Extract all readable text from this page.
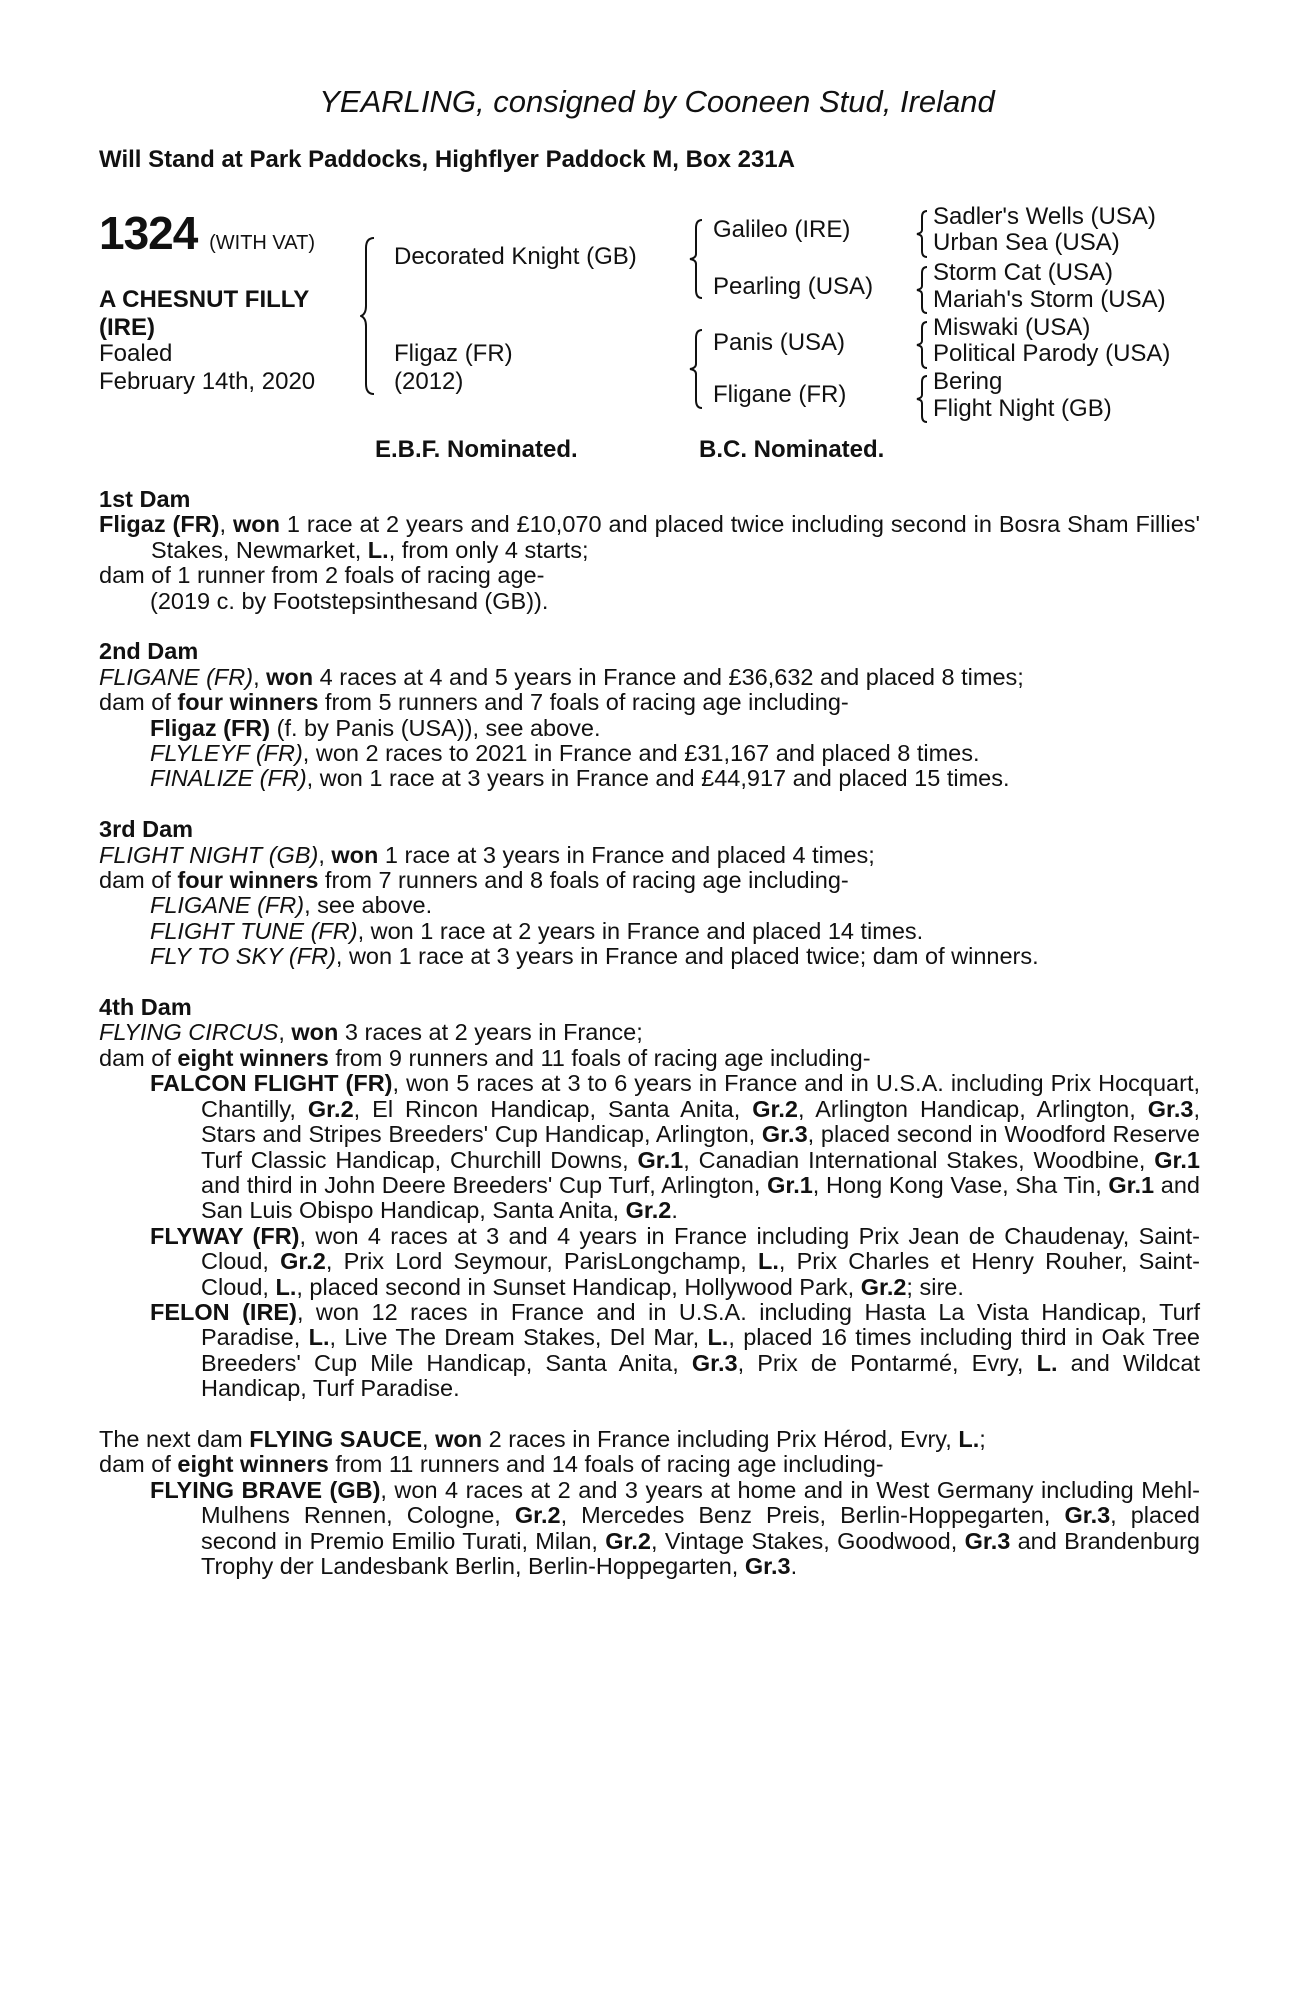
YEARLING, consigned by Cooneen Stud, Ireland
Will Stand at Park Paddocks, Highflyer Paddock M, Box 231A
1324 (WITH VAT)
A CHESNUT FILLY
(IRE)
Foaled
February 14th, 2020
Decorated Knight (GB)
Fligaz (FR)
(2012)
Galileo (IRE)
Pearling (USA)
Panis (USA)
Fligane (FR)
Sadler's Wells (USA)
Urban Sea (USA)
Storm Cat (USA)
Mariah's Storm (USA)
Miswaki (USA)
Political Parody (USA)
Bering
Flight Night (GB)
E.B.F. Nominated.	B.C. Nominated.
1st Dam
Fligaz (FR), won 1 race at 2 years and £10,070 and placed twice including second in Bosra Sham Fillies' Stakes, Newmarket, L., from only 4 starts;
dam of 1 runner from 2 foals of racing age-
(2019 c. by Footstepsinthesand (GB)).
2nd Dam
FLIGANE (FR), won 4 races at 4 and 5 years in France and £36,632 and placed 8 times;
dam of four winners from 5 runners and 7 foals of racing age including-
Fligaz (FR) (f. by Panis (USA)), see above.
FLYLEYF (FR), won 2 races to 2021 in France and £31,167 and placed 8 times.
FINALIZE (FR), won 1 race at 3 years in France and £44,917 and placed 15 times.
3rd Dam
FLIGHT NIGHT (GB), won 1 race at 3 years in France and placed 4 times;
dam of four winners from 7 runners and 8 foals of racing age including-
FLIGANE (FR), see above.
FLIGHT TUNE (FR), won 1 race at 2 years in France and placed 14 times.
FLY TO SKY (FR), won 1 race at 3 years in France and placed twice; dam of winners.
4th Dam
FLYING CIRCUS, won 3 races at 2 years in France;
dam of eight winners from 9 runners and 11 foals of racing age including-
FALCON FLIGHT (FR), won 5 races at 3 to 6 years in France and in U.S.A. including Prix Hocquart, Chantilly, Gr.2, El Rincon Handicap, Santa Anita, Gr.2, Arlington Handicap, Arlington, Gr.3, Stars and Stripes Breeders' Cup Handicap, Arlington, Gr.3, placed second in Woodford Reserve Turf Classic Handicap, Churchill Downs, Gr.1, Canadian International Stakes, Woodbine, Gr.1 and third in John Deere Breeders' Cup Turf, Arlington, Gr.1, Hong Kong Vase, Sha Tin, Gr.1 and San Luis Obispo Handicap, Santa Anita, Gr.2.
FLYWAY (FR), won 4 races at 3 and 4 years in France including Prix Jean de Chaudenay, Saint-Cloud, Gr.2, Prix Lord Seymour, ParisLongchamp, L., Prix Charles et Henry Rouher, Saint-Cloud, L., placed second in Sunset Handicap, Hollywood Park, Gr.2; sire.
FELON (IRE), won 12 races in France and in U.S.A. including Hasta La Vista Handicap, Turf Paradise, L., Live The Dream Stakes, Del Mar, L., placed 16 times including third in Oak Tree Breeders' Cup Mile Handicap, Santa Anita, Gr.3, Prix de Pontarmé, Evry, L. and Wildcat Handicap, Turf Paradise.
The next dam FLYING SAUCE, won 2 races in France including Prix Hérod, Evry, L.;
dam of eight winners from 11 runners and 14 foals of racing age including-
FLYING BRAVE (GB), won 4 races at 2 and 3 years at home and in West Germany including Mehl-Mulhens Rennen, Cologne, Gr.2, Mercedes Benz Preis, Berlin-Hoppegarten, Gr.3, placed second in Premio Emilio Turati, Milan, Gr.2, Vintage Stakes, Goodwood, Gr.3 and Brandenburg Trophy der Landesbank Berlin, Berlin-Hoppegarten, Gr.3.
